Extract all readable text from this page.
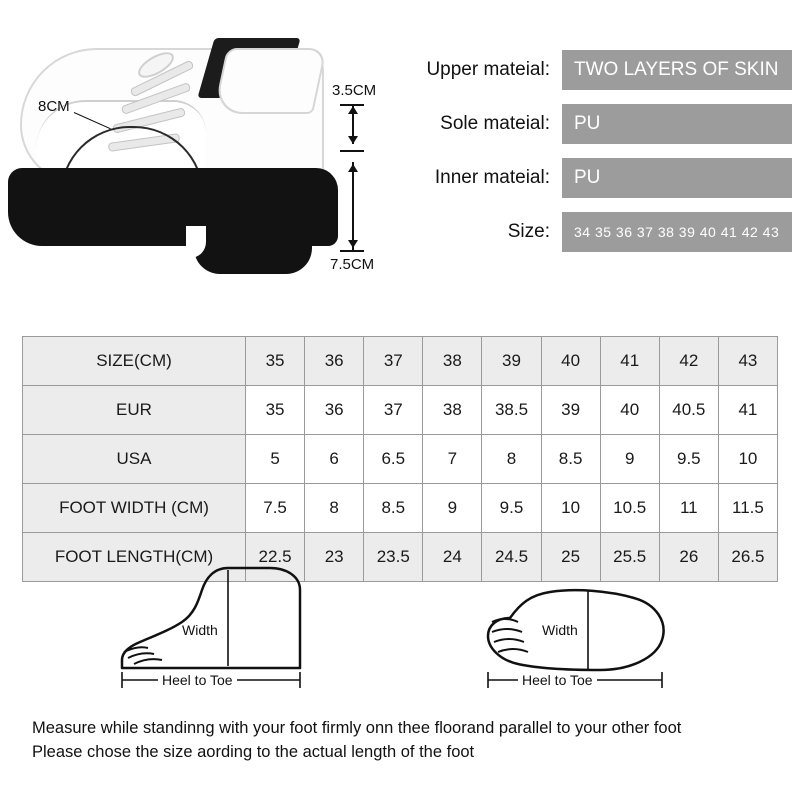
8CM
3.5CM
7.5CM
Upper mateial:	TWO LAYERS OF SKIN
Sole mateial:	PU
Inner mateial:	PU
Size:	34 35 36 37 38 39 40 41 42 43
SIZE(CM)	35	36	37	38	39	40	41	42	43
EUR	35	36	37	38	38.5	39	40	40.5	41
USA	5	6	6.5	7	8	8.5	9	9.5	10
FOOT WIDTH (CM)	7.5	8	8.5	9	9.5	10	10.5	11	11.5
FOOT LENGTH(CM)	22.5	23	23.5	24	24.5	25	25.5	26	26.5
Width
Heel to Toe
Width
Heel to Toe
Measure while standinng with your foot firmly onn thee floorand parallel to your other foot
Please chose the size aording to the actual length of the foot
